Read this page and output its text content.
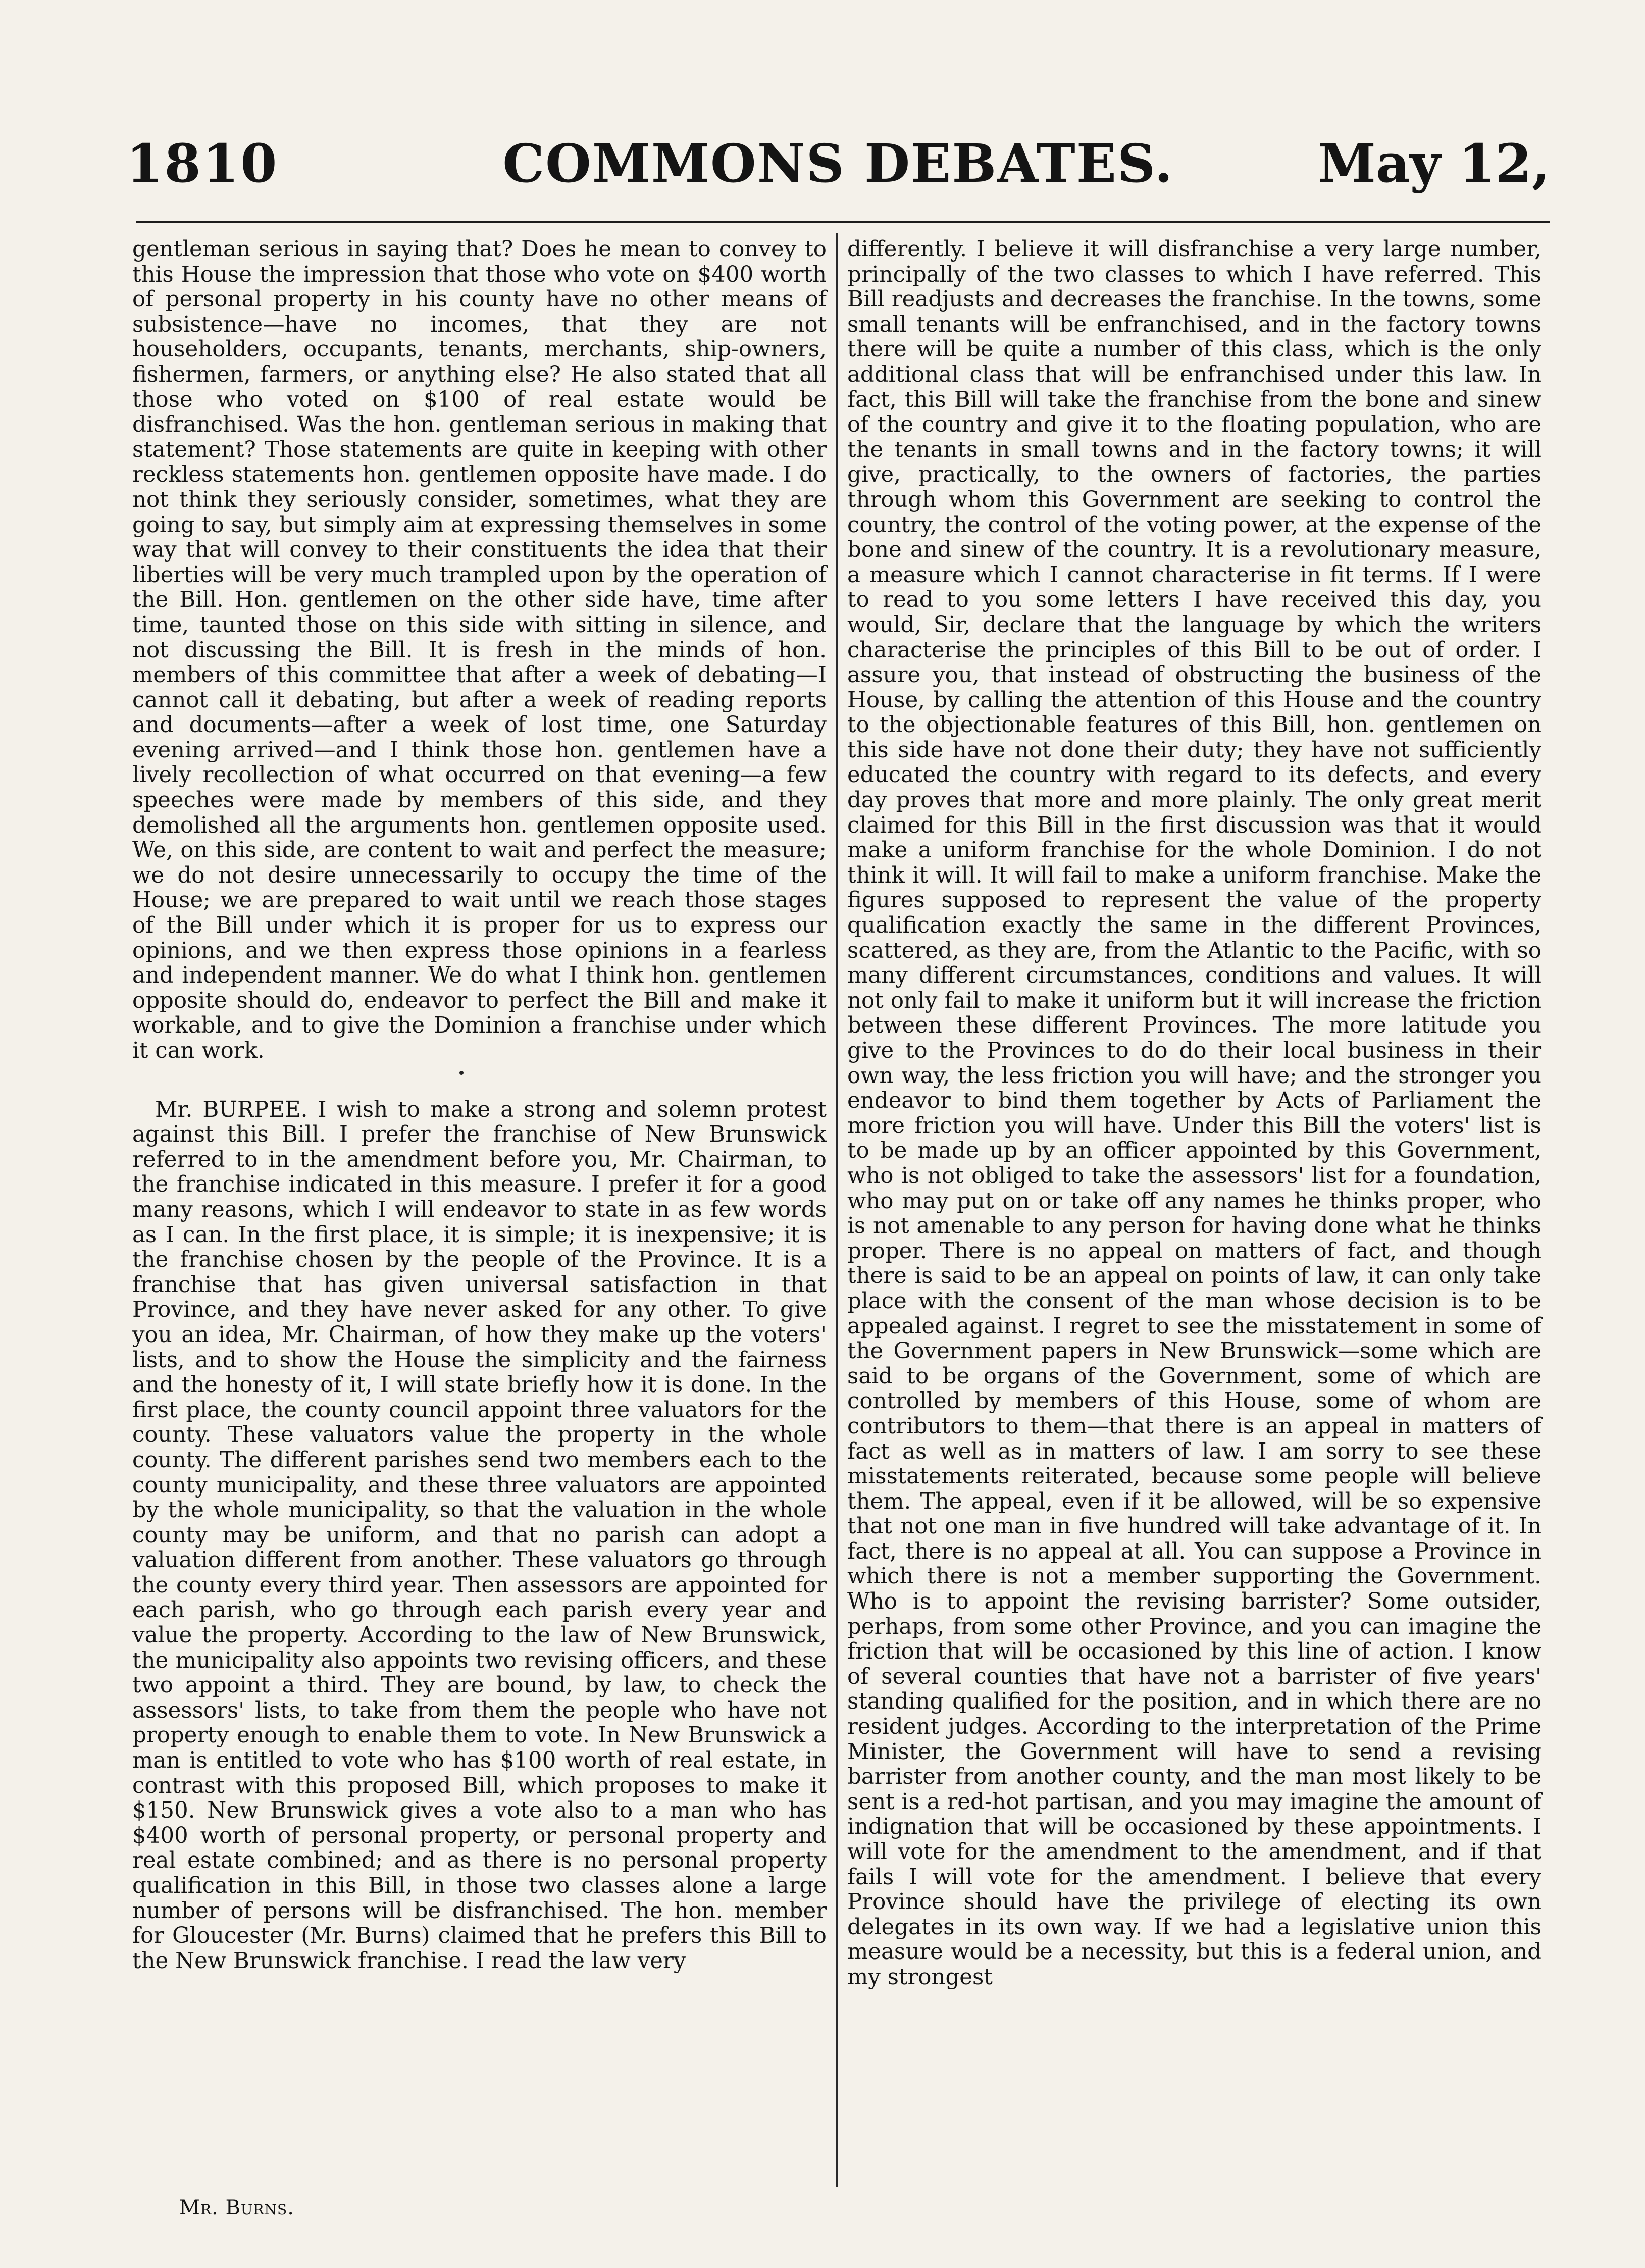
1810	COMMONS DEBATES.	May 12,

gentleman serious in saying that? Does he mean to convey to this House the impression that those who vote on $400 worth of personal property in his county have no other means of subsistence—have no incomes, that they are not householders, occupants, tenants, merchants, ship-owners, fishermen, farmers, or anything else? He also stated that all those who voted on $100 of real estate would be disfranchised. Was the hon. gentleman serious in making that statement? Those statements are quite in keeping with other reckless statements hon. gentlemen opposite have made. I do not think they seriously consider, sometimes, what they are going to say, but simply aim at expressing themselves in some way that will convey to their constituents the idea that their liberties will be very much trampled upon by the operation of the Bill. Hon. gentlemen on the other side have, time after time, taunted those on this side with sitting in silence, and not discussing the Bill. It is fresh in the minds of hon. members of this committee that after a week of debating—I cannot call it debating, but after a week of reading reports and documents—after a week of lost time, one Saturday evening arrived—and I think those hon. gentlemen have a lively recollection of what occurred on that evening—a few speeches were made by members of this side, and they demolished all the arguments hon. gentlemen opposite used. We, on this side, are content to wait and perfect the measure; we do not desire unnecessarily to occupy the time of the House; we are prepared to wait until we reach those stages of the Bill under which it is proper for us to express our opinions, and we then express those opinions in a fearless and independent manner. We do what I think hon. gentlemen opposite should do, endeavor to perfect the Bill and make it workable, and to give the Dominion a franchise under which it can work.

Mr. BURPEE. I wish to make a strong and solemn protest against this Bill. I prefer the franchise of New Brunswick referred to in the amendment before you, Mr. Chairman, to the franchise indicated in this measure. I prefer it for a good many reasons, which I will endeavor to state in as few words as I can. In the first place, it is simple; it is inexpensive; it is the franchise chosen by the people of the Province. It is a franchise that has given universal satisfaction in that Province, and they have never asked for any other. To give you an idea, Mr. Chairman, of how they make up the voters' lists, and to show the House the simplicity and the fairness and the honesty of it, I will state briefly how it is done. In the first place, the county council appoint three valuators for the county. These valuators value the property in the whole county. The different parishes send two members each to the county municipality, and these three valuators are appointed by the whole municipality, so that the valuation in the whole county may be uniform, and that no parish can adopt a valuation different from another. These valuators go through the county every third year. Then assessors are appointed for each parish, who go through each parish every year and value the property. According to the law of New Brunswick, the municipality also appoints two revising officers, and these two appoint a third. They are bound, by law, to check the assessors' lists, to take from them the people who have not property enough to enable them to vote. In New Brunswick a man is entitled to vote who has $100 worth of real estate, in contrast with this proposed Bill, which proposes to make it $150. New Brunswick gives a vote also to a man who has $400 worth of personal property, or personal property and real estate combined; and as there is no personal property qualification in this Bill, in those two classes alone a large number of persons will be disfranchised. The hon. member for Gloucester (Mr. Burns) claimed that he prefers this Bill to the New Brunswick franchise. I read the law very

differently. I believe it will disfranchise a very large number, principally of the two classes to which I have referred. This Bill readjusts and decreases the franchise. In the towns, some small tenants will be enfranchised, and in the factory towns there will be quite a number of this class, which is the only additional class that will be enfranchised under this law. In fact, this Bill will take the franchise from the bone and sinew of the country and give it to the floating population, who are the tenants in small towns and in the factory towns; it will give, practically, to the owners of factories, the parties through whom this Government are seeking to control the country, the control of the voting power, at the expense of the bone and sinew of the country. It is a revolutionary measure, a measure which I cannot characterise in fit terms. If I were to read to you some letters I have received this day, you would, Sir, declare that the language by which the writers characterise the principles of this Bill to be out of order. I assure you, that instead of obstructing the business of the House, by calling the attention of this House and the country to the objectionable features of this Bill, hon. gentlemen on this side have not done their duty; they have not sufficiently educated the country with regard to its defects, and every day proves that more and more plainly. The only great merit claimed for this Bill in the first discussion was that it would make a uniform franchise for the whole Dominion. I do not think it will. It will fail to make a uniform franchise. Make the figures supposed to represent the value of the property qualification exactly the same in the different Provinces, scattered, as they are, from the Atlantic to the Pacific, with so many different circumstances, conditions and values. It will not only fail to make it uniform but it will increase the friction between these different Provinces. The more latitude you give to the Provinces to do do their local business in their own way, the less friction you will have; and the stronger you endeavor to bind them together by Acts of Parliament the more friction you will have. Under this Bill the voters' list is to be made up by an officer appointed by this Government, who is not obliged to take the assessors' list for a foundation, who may put on or take off any names he thinks proper, who is not amenable to any person for having done what he thinks proper. There is no appeal on matters of fact, and though there is said to be an appeal on points of law, it can only take place with the consent of the man whose decision is to be appealed against. I regret to see the misstatement in some of the Government papers in New Brunswick—some which are said to be organs of the Government, some of which are controlled by members of this House, some of whom are contributors to them—that there is an appeal in matters of fact as well as in matters of law. I am sorry to see these misstatements reiterated, because some people will believe them. The appeal, even if it be allowed, will be so expensive that not one man in five hundred will take advantage of it. In fact, there is no appeal at all. You can suppose a Province in which there is not a member supporting the Government. Who is to appoint the revising barrister? Some outsider, perhaps, from some other Province, and you can imagine the friction that will be occasioned by this line of action. I know of several counties that have not a barrister of five years' standing qualified for the position, and in which there are no resident judges. According to the interpretation of the Prime Minister, the Government will have to send a revising barrister from another county, and the man most likely to be sent is a red-hot partisan, and you may imagine the amount of indignation that will be occasioned by these appointments. I will vote for the amendment to the amendment, and if that fails I will vote for the amendment. I believe that every Province should have the privilege of electing its own delegates in its own way. If we had a legislative union this measure would be a necessity, but this is a federal union, and my strongest

Mr. Burns.
